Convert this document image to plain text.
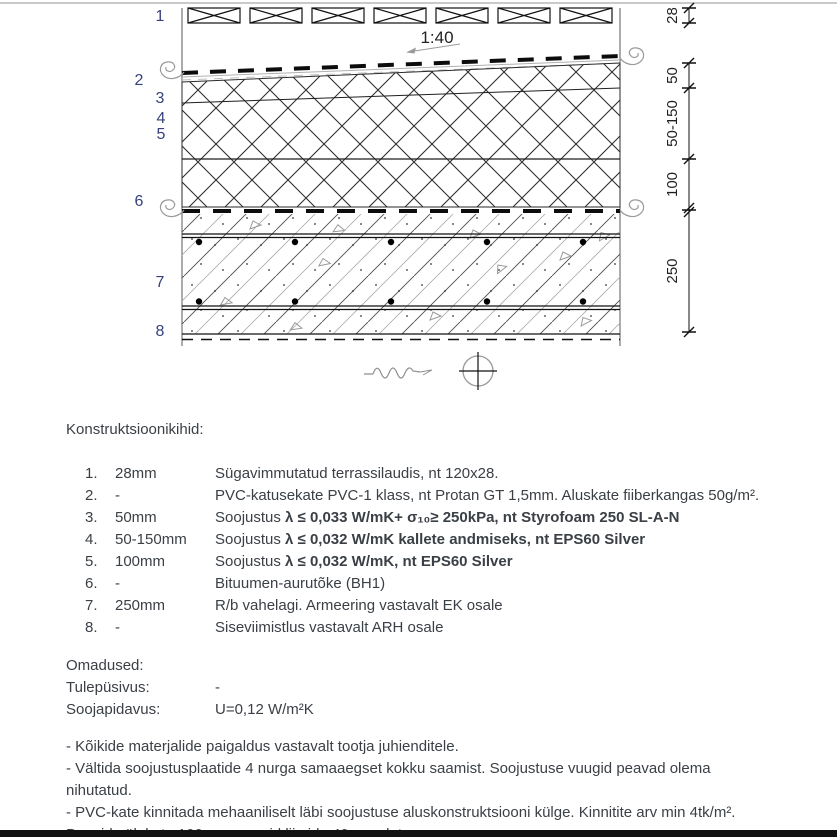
1:40
1
2
3
4
5
6
7
8
28
50
50-150
100
250
Konstruktsioonikihid:
1.	28mm	Sügavimmutatud terrassilaudis, nt 120x28.
2.	-	PVC-katusekate PVC-1 klass, nt Protan GT 1,5mm. Aluskate fiiberkangas 50g/m².
3.	50mm	Soojustus λ ≤ 0,033 W/mK+ σ₁₀≥ 250kPa, nt Styrofoam 250 SL-A-N
4.	50-150mm	Soojustus λ ≤ 0,032 W/mK kallete andmiseks, nt EPS60 Silver
5.	100mm	Soojustus λ ≤ 0,032 W/mK, nt EPS60 Silver
6.	-	Bituumen-aurutõke (BH1)
7.	250mm	R/b vahelagi. Armeering vastavalt EK osale
8.	-	Siseviimistlus vastavalt ARH osale
Omadused:
Tulepüsivus:	-
Soojapidavus:	U=0,12 W/m²K
- Kõikide materjalide paigaldus vastavalt tootja juhienditele.
- Vältida soojustusplaatide 4 nurga samaaegset kokku saamist. Soojustuse vuugid peavad olema
nihutatud.
- PVC-kate kinnitada mehaaniliselt läbi soojustuse aluskonstruktsiooni külge. Kinnitite arv min 4tk/m².
